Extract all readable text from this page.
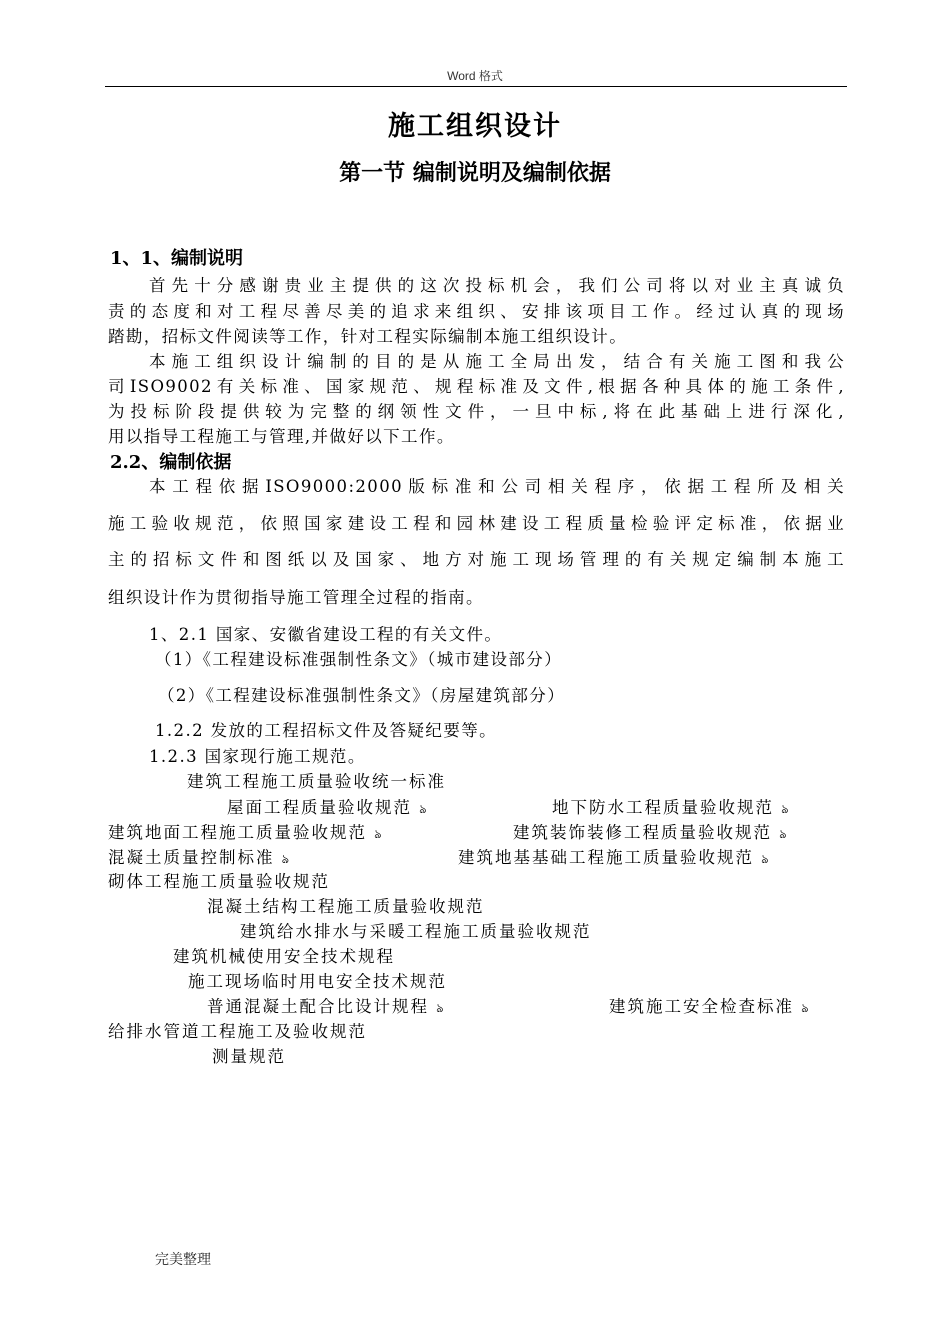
Word 格式
施工组织设计
第一节 编制说明及编制依据
1、1、编制说明
首先十分感谢贵业主提供的这次投标机会，我们公司将以对业主真诚负
责的态度和对工程尽善尽美的追求来组织、安排该项目工作。经过认真的现场
踏勘，招标文件阅读等工作，针对工程实际编制本施工组织设计。
本施工组织设计编制的目的是从施工全局出发，结合有关施工图和我公
司ISO9002有关标准、国家规范、规程标准及文件,根据各种具体的施工条件,
为投标阶段提供较为完整的纲领性文件，一旦中标,将在此基础上进行深化,
用以指导工程施工与管理,并做好以下工作。
2.2、编制依据
本工程依据ISO9000:2000版标准和公司相关程序，依据工程所及相关
施工验收规范，依照国家建设工程和园林建设工程质量检验评定标准，依据业
主的招标文件和图纸以及国家、地方对施工现场管理的有关规定编制本施工
组织设计作为贯彻指导施工管理全过程的指南。
1、2.1 国家、安徽省建设工程的有关文件。
（1）《工程建设标准强制性条文》（城市建设部分）
（2）《工程建设标准强制性条文》（房屋建筑部分）
1.2.2 发放的工程招标文件及答疑纪要等。
1.2.3 国家现行施工规范。
建筑工程施工质量验收统一标准
屋面工程质量验收规范 ঌ	地下防水工程质量验收规范 ঌ
建筑地面工程施工质量验收规范 ঌ	建筑装饰装修工程质量验收规范 ঌ
混凝土质量控制标准 ঌ	建筑地基基础工程施工质量验收规范 ঌ
砌体工程施工质量验收规范
混凝土结构工程施工质量验收规范
建筑给水排水与采暖工程施工质量验收规范
建筑机械使用安全技术规程
施工现场临时用电安全技术规范
普通混凝土配合比设计规程 ঌ	建筑施工安全检查标准 ঌ
给排水管道工程施工及验收规范
测量规范
完美整理
